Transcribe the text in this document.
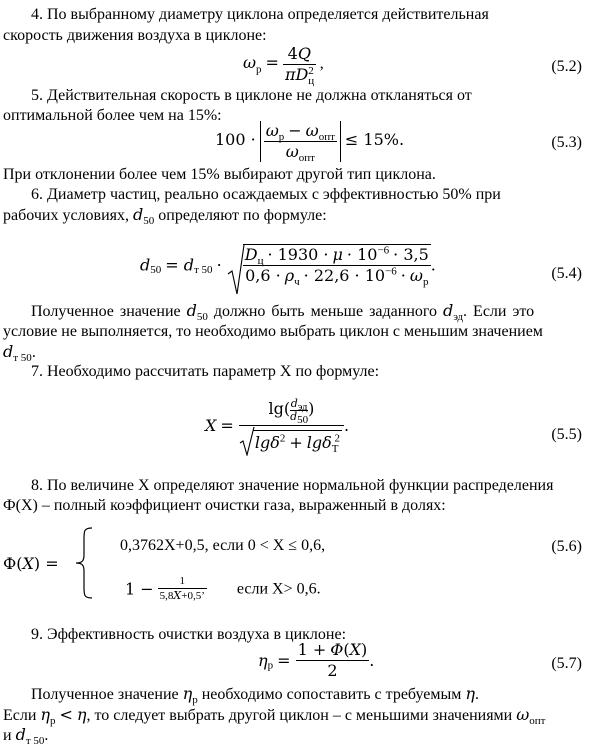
4. По выбранному диаметру циклона определяется действительная
скорость движения воздуха в циклоне:
$\omega_р = \frac{4Q}{\pi D_ц^2}$ ,	(5.2)
5. Действительная скорость в циклоне не должна откланяться от
оптимальной более чем на 15%:
$100 \cdot \frac{\omega_р - \omega_{опт}}{\omega_{опт}} \le 15\%$.	(5.3)
При отклонении более чем 15% выбирают другой тип циклона.
6. Диаметр частиц, реально осаждаемых с эффективностью 50% при
рабочих условиях, $d_{50}$ определяют по формуле:
$d_{50} = d_{т 50} \cdot \frac{D_ц \cdot 1930 \cdot \mu \cdot 10^{-6} \cdot 3,5}{0,6 \cdot \rho_ч \cdot 22,6 \cdot 10^{-6} \cdot \omega_р}$ .	(5.4)
Полученное значение $d_{50}$ должно быть меньше заданного $d_{эд}$. Если это
условие не выполняется, то необходимо выбрать циклон с меньшим значением
$d_{т 50}$.
7. Необходимо рассчитать параметр X по формуле:
X = lg( $d_{эд}$
$d_{50}$
)
lgδ$^2$ + lgδ$_T^2$ .	(5.5)
8. По величине X определяют значение нормальной функции распределения
Ф(X) – полный коэффициент очистки газа, выраженный в долях:
Ф(X) =
0,3762X+0,5, если 0 < X ≤ 0,6,
$1 - \frac{1}{5,8X+0,5’}$ если X> 0,6.
(5.6)
9. Эффективность очистки воздуха в циклоне:
$\eta_р = \frac{1 + \Phi(X)}{2}$ .	(5.7)
Полученное значение $\eta_р$ необходимо сопоставить с требуемым η.
Если $\eta_р < \eta$, то следует выбрать другой циклон – с меньшими значениями $\omega_{опт}$
и $d_{т 50}$.
